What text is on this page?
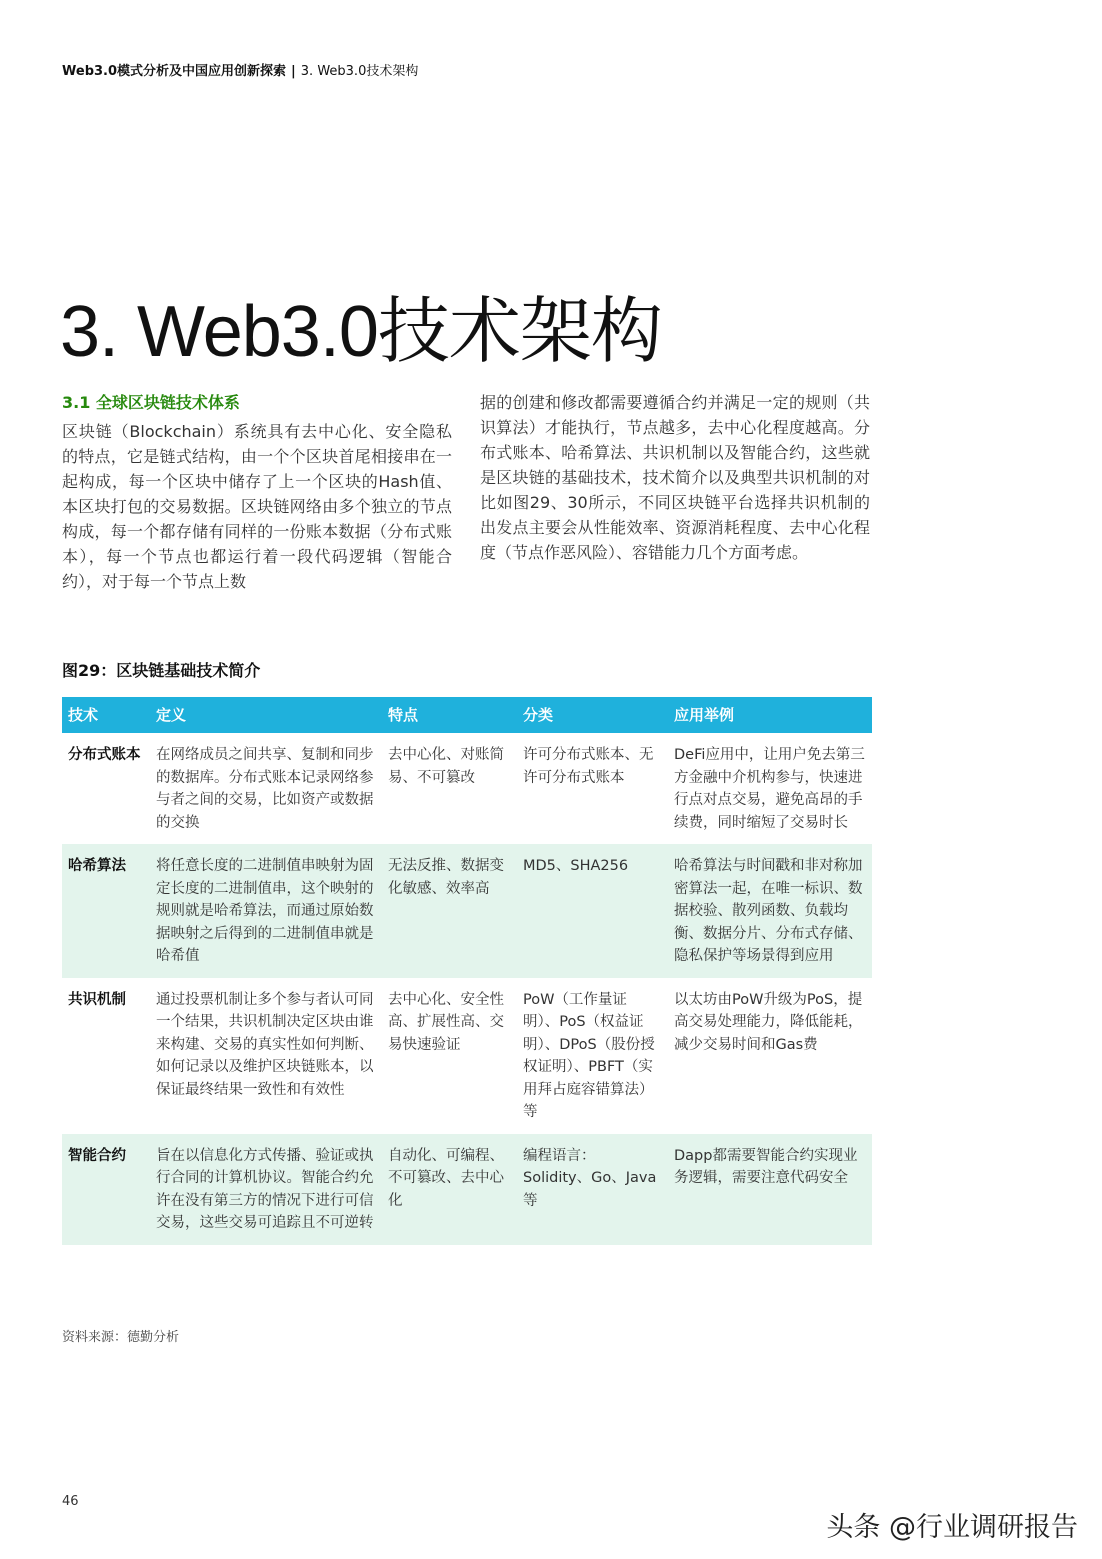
Web3.0模式分析及中国应用创新探索 | 3. Web3.0技术架构
3. Web3.0技术架构
3.1 全球区块链技术体系

区块链（Blockchain）系统具有去中心化、安全隐私的特点，它是链式结构，由一个个区块首尾相接串在一起构成，每一个区块中储存了上一个区块的Hash值、本区块打包的交易数据。区块链网络由多个独立的节点构成，每一个都存储有同样的一份账本数据（分布式账本），每一个节点也都运行着一段代码逻辑（智能合约），对于每一个节点上数

据的创建和修改都需要遵循合约并满足一定的规则（共识算法）才能执行，节点越多，去中心化程度越高。分布式账本、哈希算法、共识机制以及智能合约，这些就是区块链的基础技术，技术简介以及典型共识机制的对比如图29、30所示，不同区块链平台选择共识机制的出发点主要会从性能效率、资源消耗程度、去中心化程度（节点作恶风险）、容错能力几个方面考虑。

图29：区块链基础技术简介
技术	定义	特点	分类	应用举例
分布式账本	在网络成员之间共享、复制和同步的数据库。分布式账本记录网络参与者之间的交易，比如资产或数据的交换	去中心化、对账简易、不可篡改	许可分布式账本、无许可分布式账本	DeFi应用中，让用户免去第三方金融中介机构参与，快速进行点对点交易，避免高昂的手续费，同时缩短了交易时长
哈希算法	将任意长度的二进制值串映射为固定长度的二进制值串，这个映射的规则就是哈希算法，而通过原始数据映射之后得到的二进制值串就是哈希值	无法反推、数据变化敏感、效率高	MD5、SHA256	哈希算法与时间戳和非对称加密算法一起，在唯一标识、数据校验、散列函数、负载均衡、数据分片、分布式存储、隐私保护等场景得到应用
共识机制	通过投票机制让多个参与者认可同一个结果，共识机制决定区块由谁来构建、交易的真实性如何判断、如何记录以及维护区块链账本，以保证最终结果一致性和有效性	去中心化、安全性高、扩展性高、交易快速验证	PoW（工作量证明）、PoS（权益证明）、DPoS（股份授权证明）、PBFT（实用拜占庭容错算法）等	以太坊由PoW升级为PoS，提高交易处理能力，降低能耗，减少交易时间和Gas费
智能合约	旨在以信息化方式传播、验证或执行合同的计算机协议。智能合约允许在没有第三方的情况下进行可信交易，这些交易可追踪且不可逆转	自动化、可编程、不可篡改、去中心化	编程语言：Solidity、Go、Java等	Dapp都需要智能合约实现业务逻辑，需要注意代码安全
资料来源：德勤分析
46
头条 @行业调研报告
